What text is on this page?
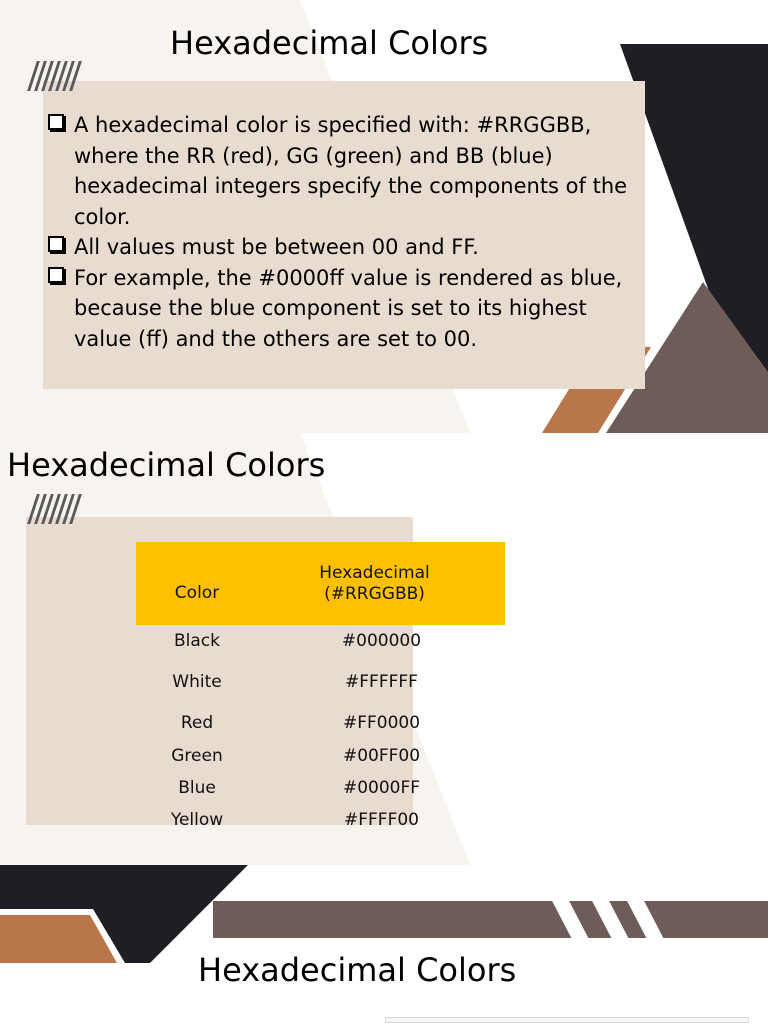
Hexadecimal Colors
A hexadecimal color is specified with: #RRGGBB, where the RR (red), GG (green) and BB (blue) hexadecimal integers specify the components of the color.
All values must be between 00 and FF.
For example, the #0000ff value is rendered as blue, because the blue component is set to its highest value (ff) and the others are set to 00.
Hexadecimal Colors
Color	Hexadecimal
(#RRGGBB)

Black	#000000
White	#FFFFFF
Red	#FF0000
Green	#00FF00
Blue	#0000FF
Yellow	#FFFF00
Hexadecimal Colors
